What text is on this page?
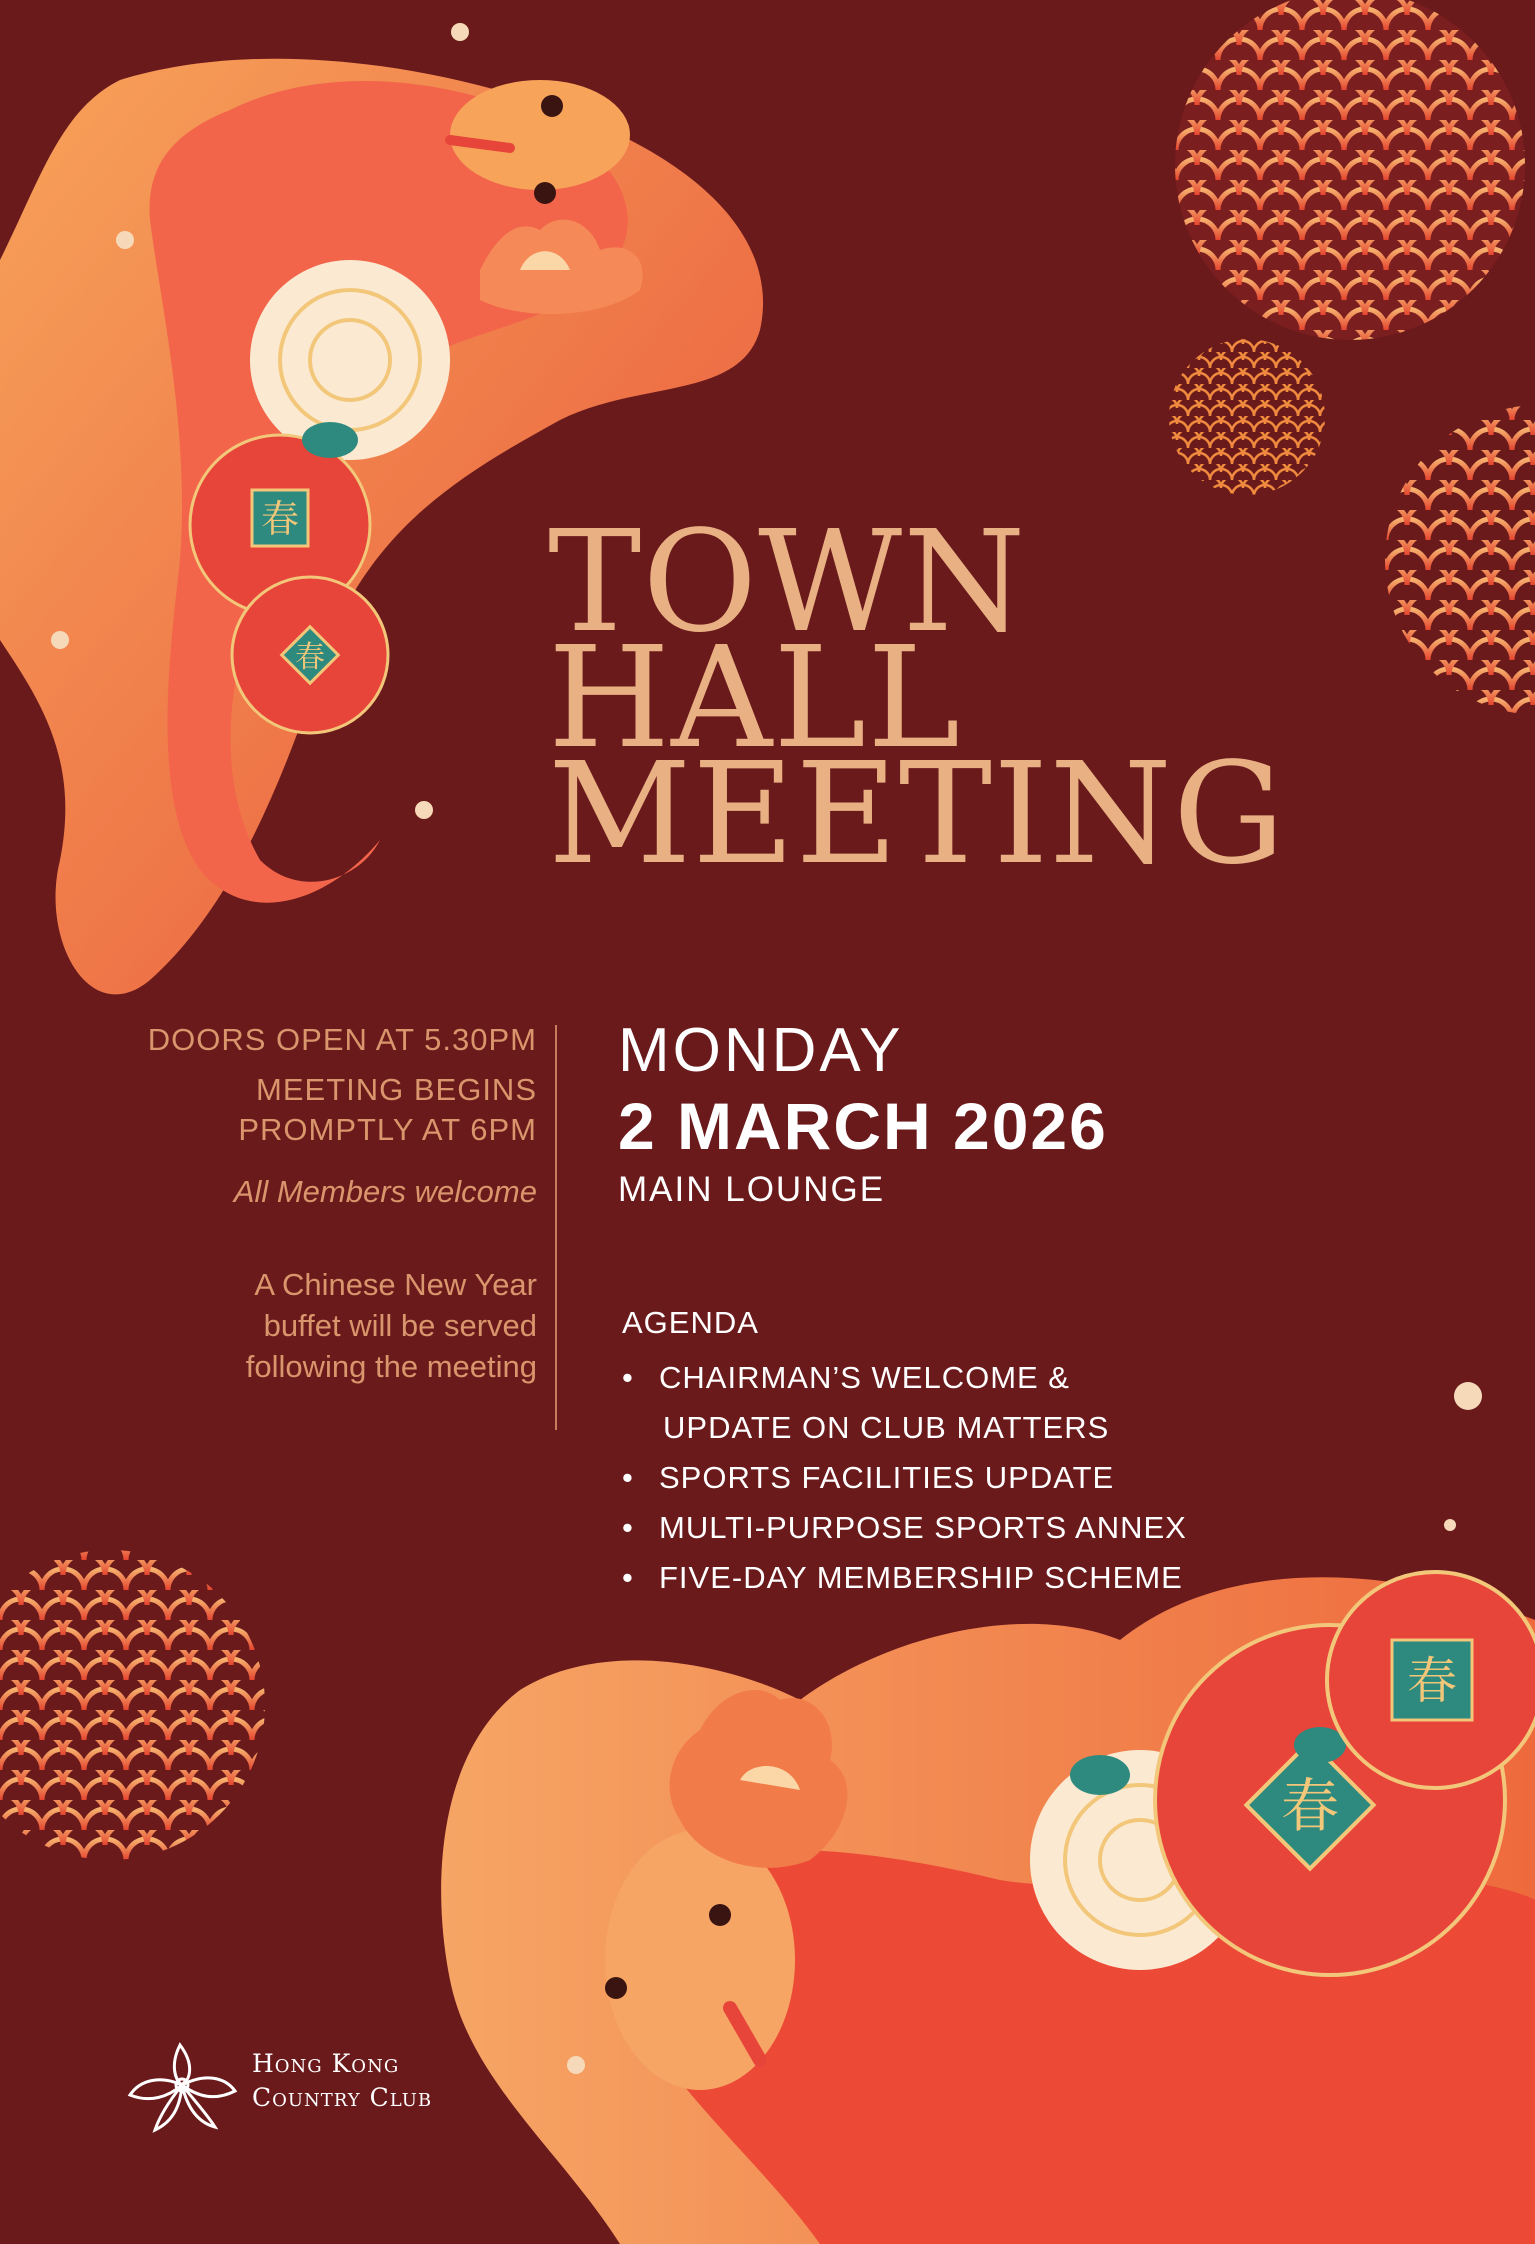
春
春
春
春
TOWN
HALL
MEETING
DOORS OPEN AT 5.30PM
MEETING BEGINS
PROMPTLY AT 6PM
All Members welcome
A Chinese New Year
buffet will be served
following the meeting
MONDAY
2 MARCH 2026
MAIN LOUNGE
AGENDA
• CHAIRMAN’S WELCOME &
UPDATE ON CLUB MATTERS
• SPORTS FACILITIES UPDATE
• MULTI-PURPOSE SPORTS ANNEX
• FIVE-DAY MEMBERSHIP SCHEME
Hong Kong
Country Club
